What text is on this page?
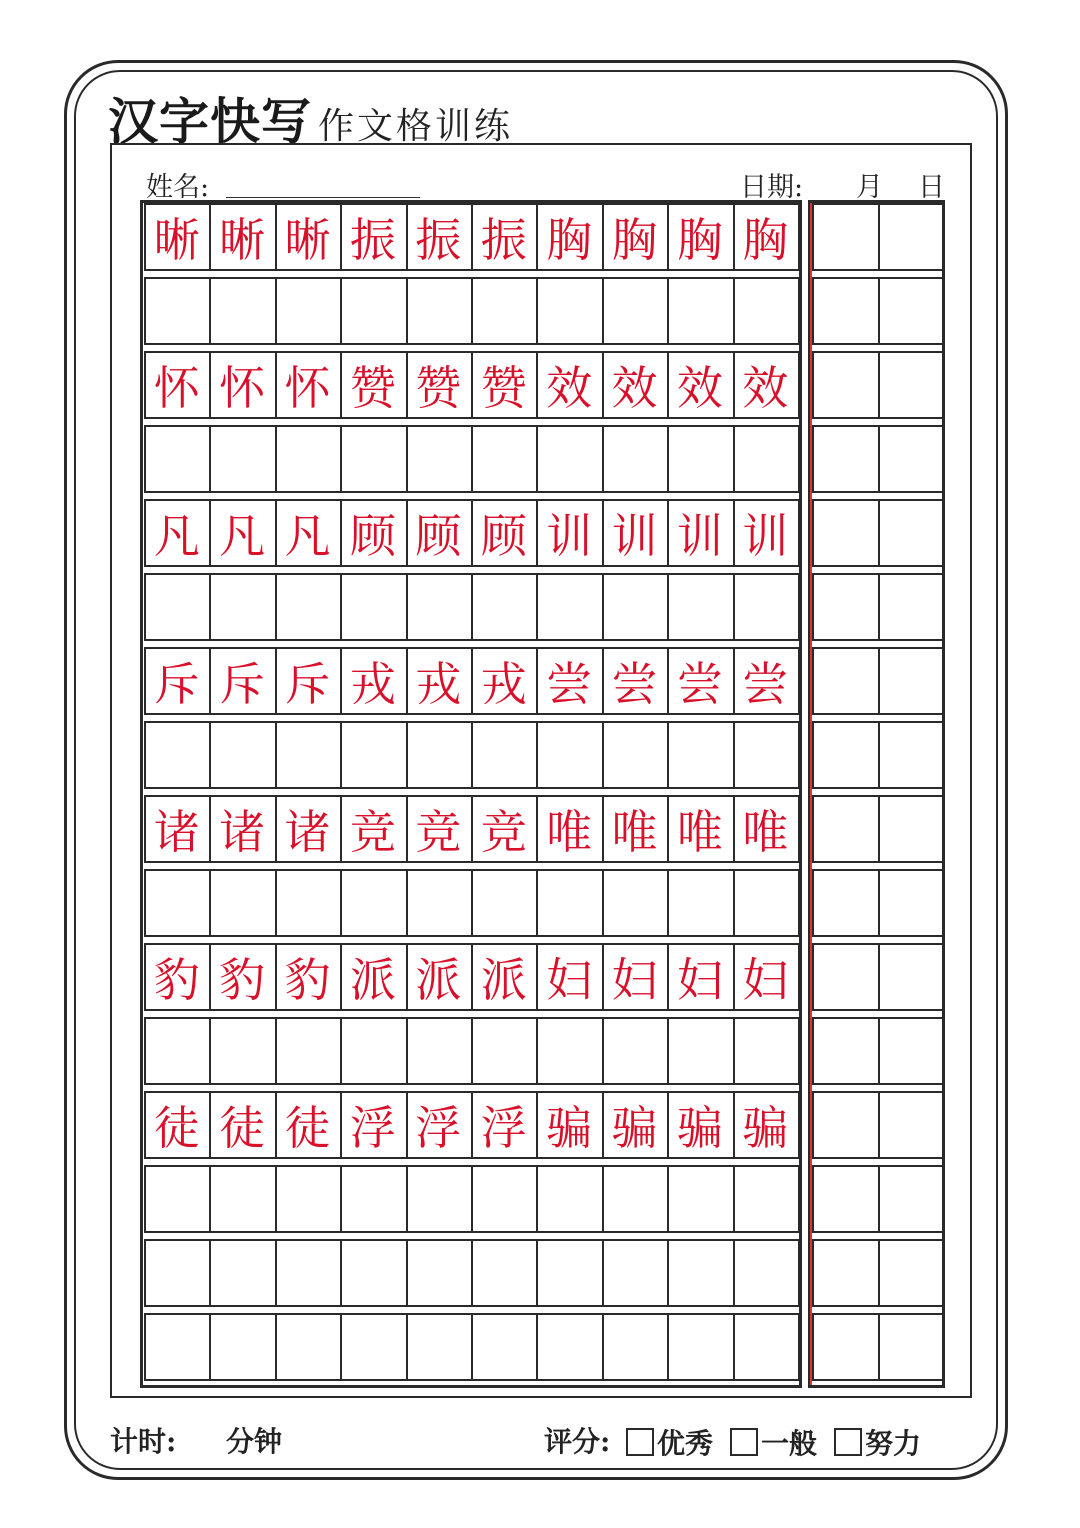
汉字快写 作文格训练
姓名:	日期: 月 日
晰 晰 晰 振 振 振 胸 胸 胸 胸
怀 怀 怀 赞 赞 赞 效 效 效 效
凡 凡 凡 顾 顾 顾 训 训 训 训
斥 斥 斥 戎 戎 戎 尝 尝 尝 尝
诸 诸 诸 竞 竞 竞 唯 唯 唯 唯
豹 豹 豹 派 派 派 妇 妇 妇 妇
徒 徒 徒 浮 浮 浮 骗 骗 骗 骗
计时: 分钟	评分: 优秀 一般 努力
